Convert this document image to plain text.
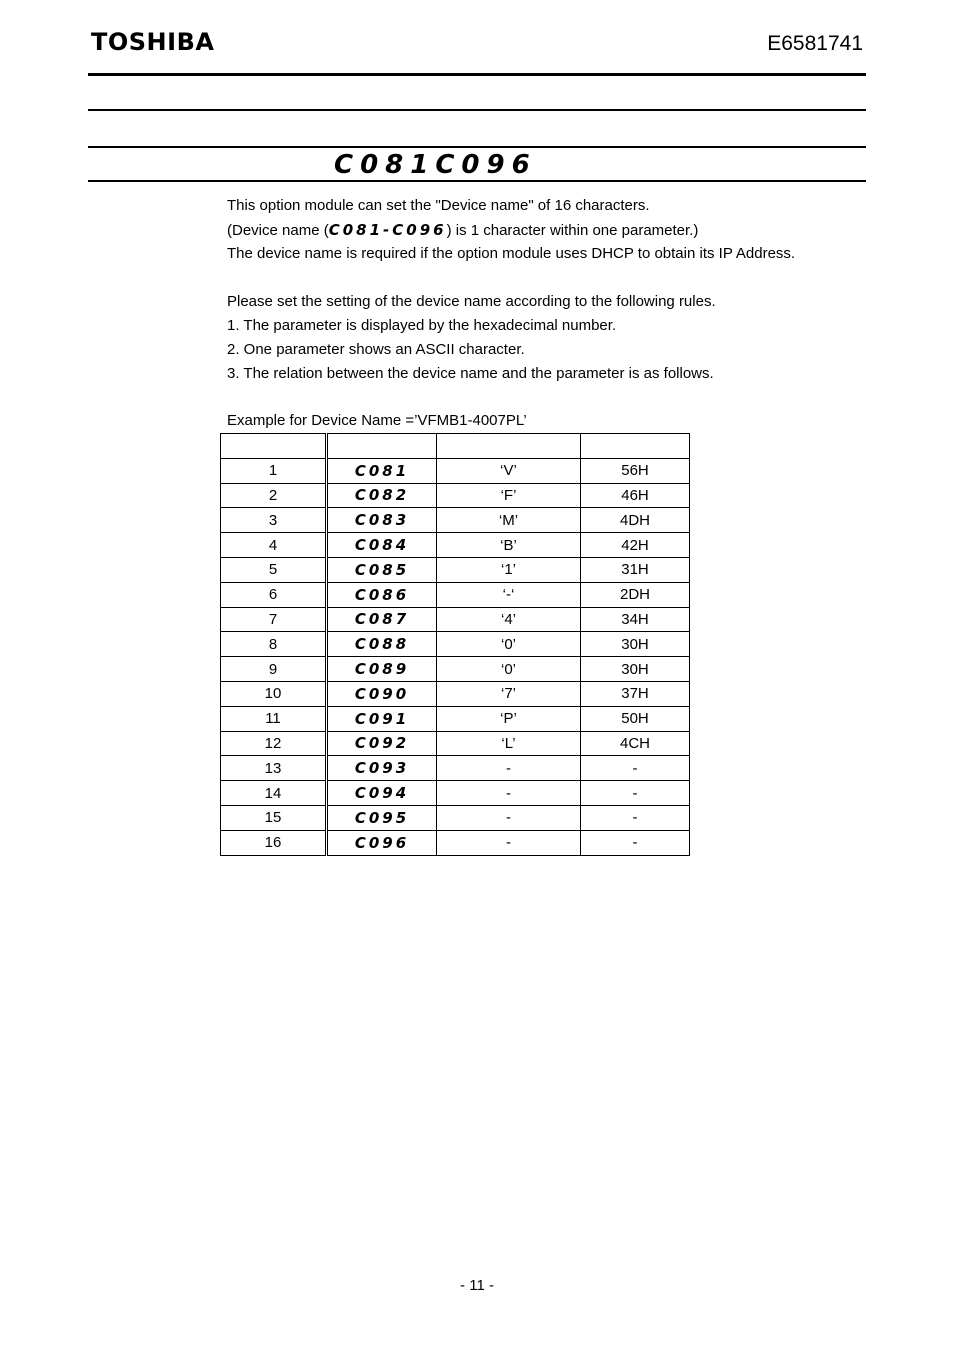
TOSHIBA	E6581741
C081C096

This option module can set the "Device name" of 16 characters.

(Device name (C081-C096) is 1 character within one parameter.)

The device name is required if the option module uses DHCP to obtain its IP Address.

Please set the setting of the device name according to the following rules.

1. The parameter is displayed by the hexadecimal number.

2. One parameter shows an ASCII character.

3. The relation between the device name and the parameter is as follows.

Example for Device Name =’VFMB1-4007PL’

1	C081	‘V’	56H
2	C082	‘F’	46H
3	C083	‘M’	4DH
4	C084	‘B’	42H
5	C085	‘1’	31H
6	C086	‘-‘	2DH
7	C087	‘4’	34H
8	C088	‘0’	30H
9	C089	‘0’	30H
10	C090	‘7’	37H
11	C091	‘P’	50H
12	C092	‘L’	4CH
13	C093	-	-
14	C094	-	-
15	C095	-	-
16	C096	-	-
- 11 -
